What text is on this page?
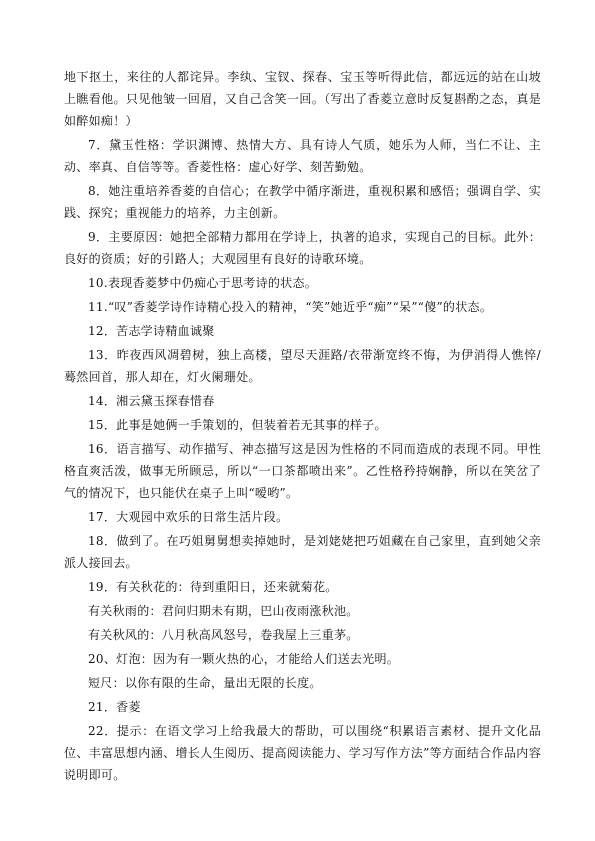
地下抠土，来往的人都诧异。李纨、宝钗、探春、宝玉等听得此信，都远远的站在山坡上瞧看他。只见他皱一回眉，又自己含笑一回。（写出了香菱立意时反复斟酌之态，真是如醉如痴！）

7．黛玉性格：学识渊博、热情大方、具有诗人气质，她乐为人师，当仁不让、主动、率真、自信等等。香菱性格：虚心好学、刻苦勤勉。

8．她注重培养香菱的自信心；在教学中循序渐进，重视积累和感悟；强调自学、实践、探究；重视能力的培养，力主创新。

9．主要原因：她把全部精力都用在学诗上，执著的追求，实现自己的目标。此外：良好的资质；好的引路人；大观园里有良好的诗歌环境。

10.表现香菱梦中仍痴心于思考诗的状态。

11.“叹”香菱学诗作诗精心投入的精神，“笑”她近乎“痴”“呆”“傻”的状态。

12．苦志学诗精血诚聚

13．昨夜西风凋碧树，独上高楼，望尽天涯路/衣带渐宽终不悔，为伊消得人憔悴/蓦然回首，那人却在，灯火阑珊处。

14．湘云黛玉探春惜春

15．此事是她俩一手策划的，但装着若无其事的样子。

16．语言描写、动作描写、神态描写这是因为性格的不同而造成的表现不同。甲性格直爽活泼，做事无所顾忌，所以“一口茶都喷出来”。乙性格矜持娴静，所以在笑岔了气的情况下，也只能伏在桌子上叫“嗳哟”。

17．大观园中欢乐的日常生活片段。

18．做到了。在巧姐舅舅想卖掉她时，是刘姥姥把巧姐藏在自己家里，直到她父亲派人接回去。

19．有关秋花的：待到重阳日，还来就菊花。

有关秋雨的：君问归期未有期，巴山夜雨涨秋池。

有关秋风的：八月秋高风怒号，卷我屋上三重茅。

20、灯泡：因为有一颗火热的心，才能给人们送去光明。

短尺：以你有限的生命，量出无限的长度。

21．香菱

22．提示：在语文学习上给我最大的帮助，可以围绕“积累语言素材、提升文化品位、丰富思想内涵、增长人生阅历、提高阅读能力、学习写作方法”等方面结合作品内容说明即可。
